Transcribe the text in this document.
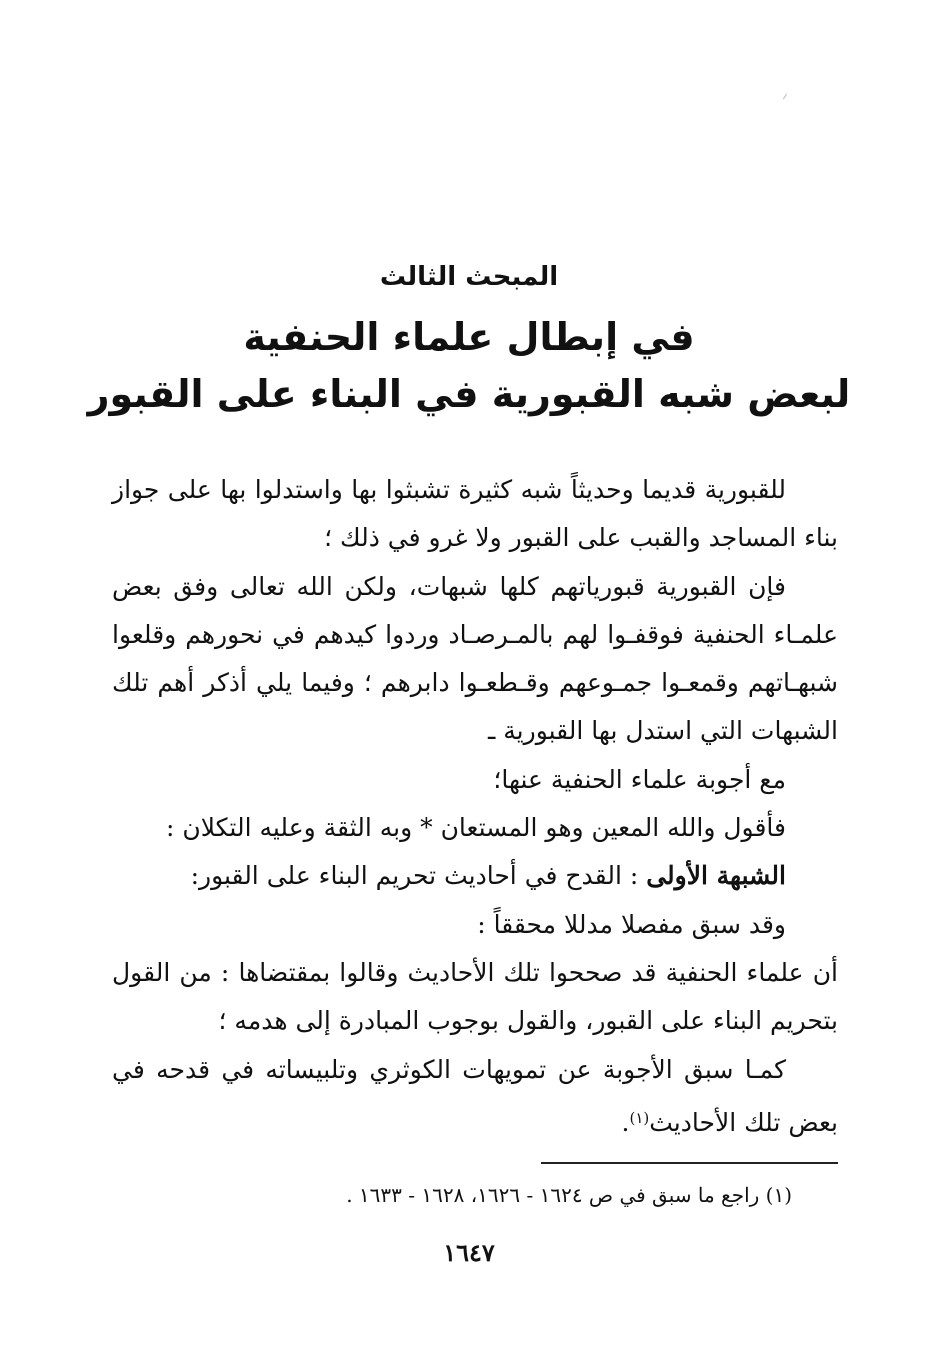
المبحث الثالث
في إبطال علماء الحنفية
لبعض شبه القبورية في البناء على القبور

للقبورية قديما وحديثاً شبه كثيرة تشبثوا بها واستدلوا بها على جواز بناء المساجد والقبب على القبور ولا غرو في ذلك ؛

فإن القبورية قبورياتهم كلها شبهات، ولكن الله تعالى وفق بعض علمـاء الحنفية فوقفـوا لهم بالمـرصـاد وردوا كيدهم في نحورهم وقلعوا شبهـاتهم وقمعـوا جمـوعهم وقـطعـوا دابرهم ؛ وفيما يلي أذكر أهم تلك الشبهات التي استدل بها القبورية ـ

مع أجوبة علماء الحنفية عنها؛

فأقول والله المعين وهو المستعان * وبه الثقة وعليه التكلان :

الشبهة الأولى : القدح في أحاديث تحريم البناء على القبور:

وقد سبق مفصلا مدللا محققاً :

أن علماء الحنفية قد صححوا تلك الأحاديث وقالوا بمقتضاها : من القول بتحريم البناء على القبور، والقول بوجوب المبادرة إلى هدمه ؛

كمـا سبق الأجوبة عن تمويهات الكوثري وتلبيساته في قدحه في بعض تلك الأحاديث$^{(١)}$.

(١) راجع ما سبق في ص ١٦٢٤ - ١٦٢٦، ١٦٢٨ - ١٦٣٣ .
١٦٤٧
